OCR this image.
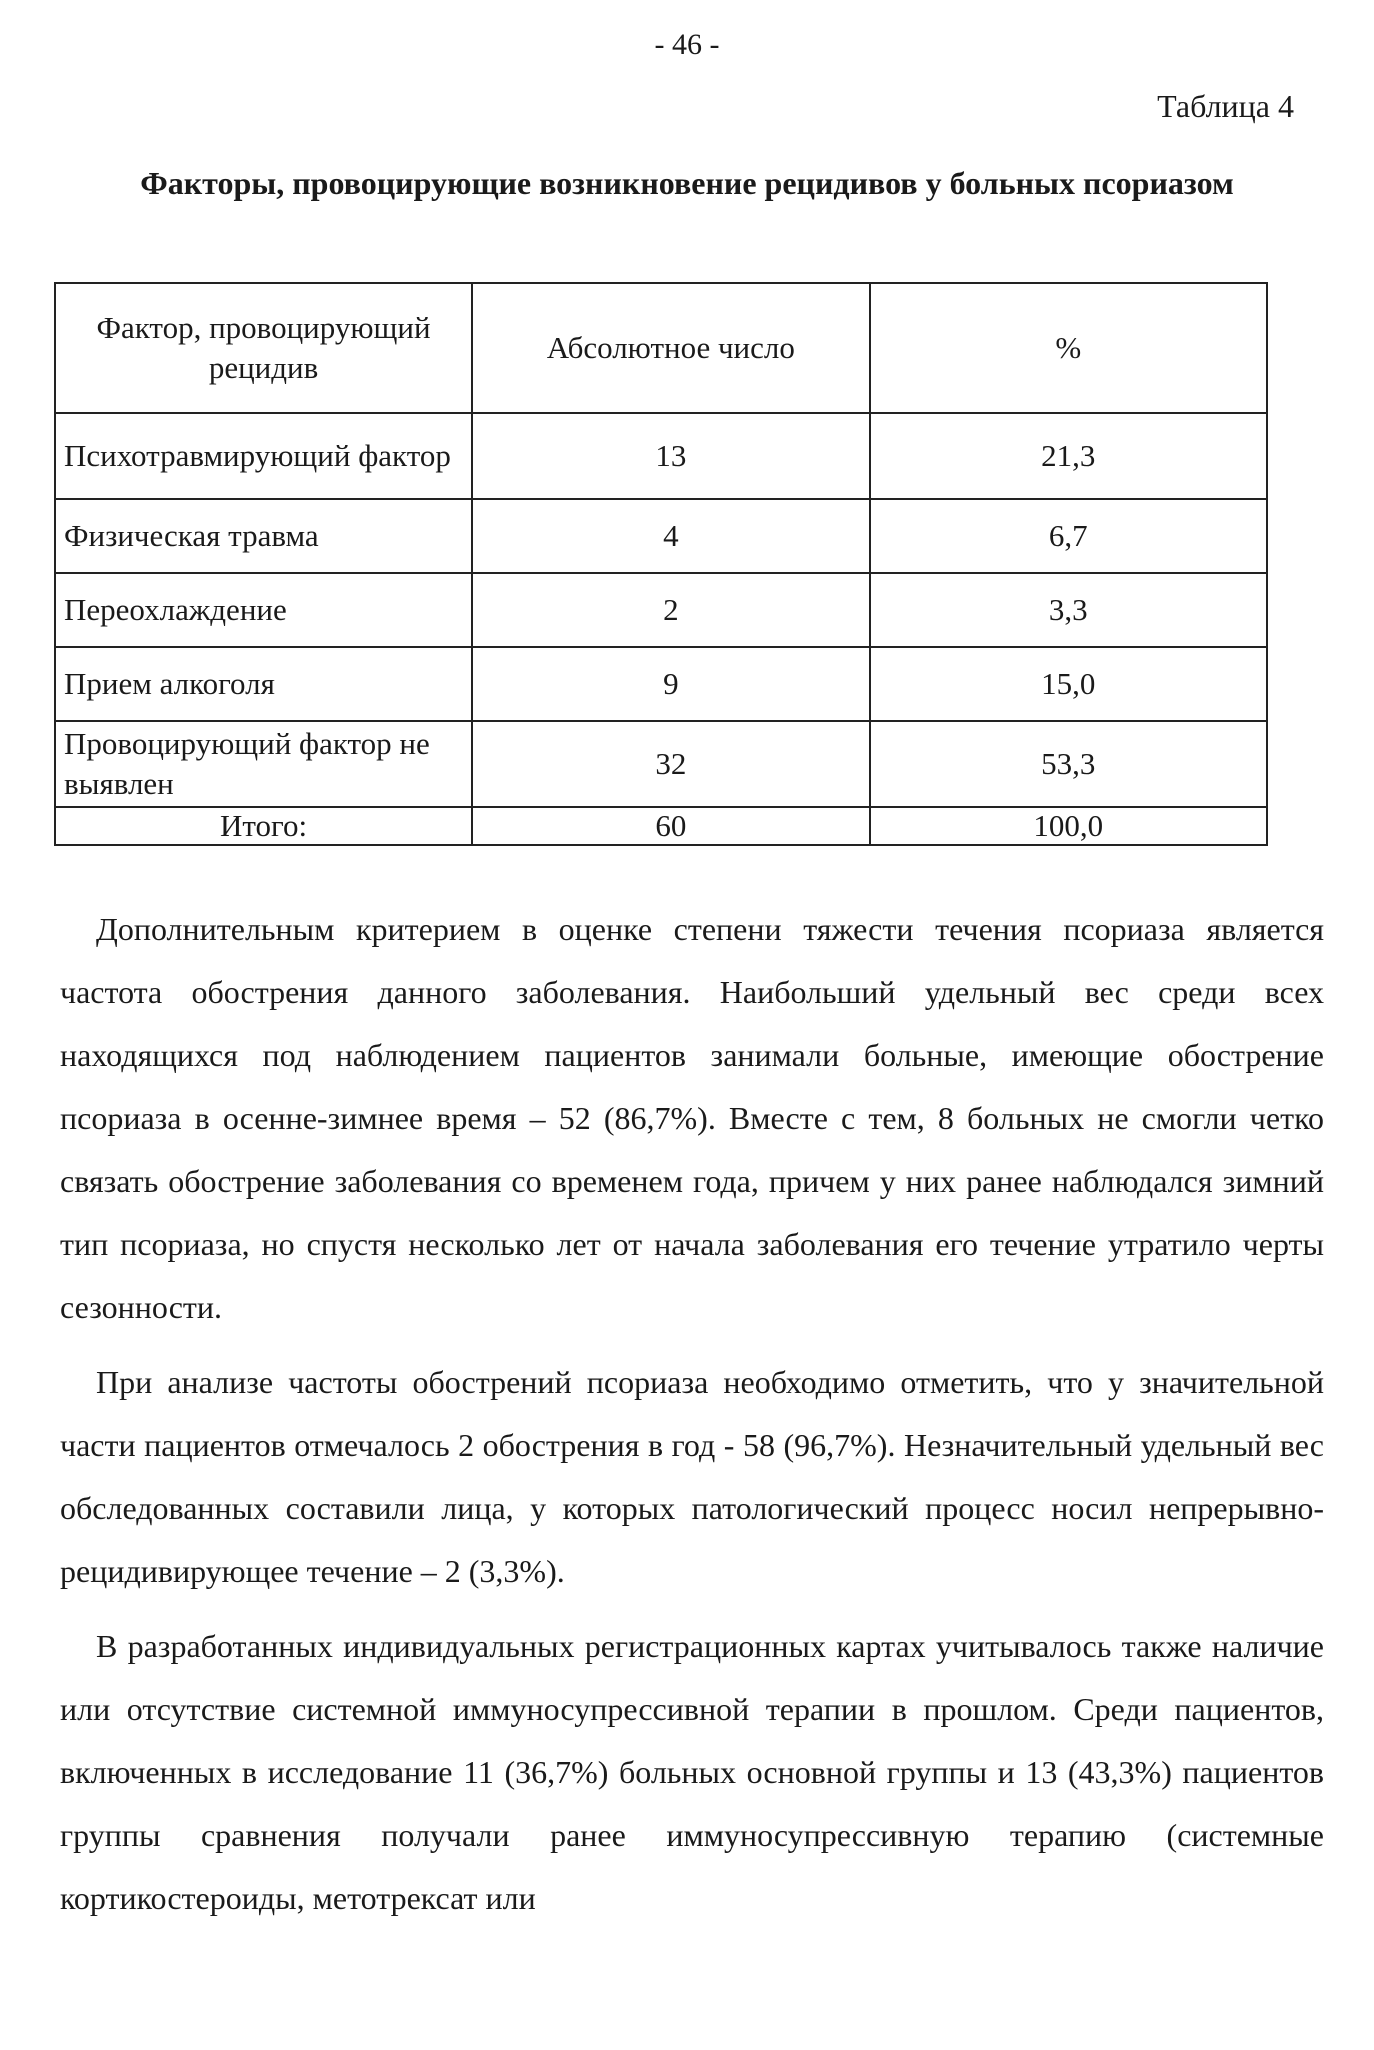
- 46 -
Таблица 4
Факторы, провоцирующие возникновение рецидивов у больных псориазом
Фактор, провоцирующий рецидив	Абсолютное число	%
Психотравмирующий фактор	13	21,3
Физическая травма	4	6,7
Переохлаждение	2	3,3
Прием алкоголя	9	15,0
Провоцирующий фактор не выявлен	32	53,3
Итого:	60	100,0

Дополнительным критерием в оценке степени тяжести течения псориаза является частота обострения данного заболевания. Наибольший удельный вес среди всех находящихся под наблюдением пациентов занимали больные, имеющие обострение псориаза в осенне-зимнее время – 52 (86,7%). Вместе с тем, 8 больных не смогли четко связать обострение заболевания со временем года, причем у них ранее наблюдался зимний тип псориаза, но спустя несколько лет от начала заболевания его течение утратило черты сезонности.

При анализе частоты обострений псориаза необходимо отметить, что у значительной части пациентов отмечалось 2 обострения в год - 58 (96,7%). Незначительный удельный вес обследованных составили лица, у которых патологический процесс носил непрерывно-рецидивирующее течение – 2 (3,3%).

В разработанных индивидуальных регистрационных картах учитывалось также наличие или отсутствие системной иммуносупрессивной терапии в прошлом. Среди пациентов, включенных в исследование 11 (36,7%) больных основной группы и 13 (43,3%) пациентов группы сравнения получали ранее иммуносупрессивную терапию (системные кортикостероиды, метотрексат или
